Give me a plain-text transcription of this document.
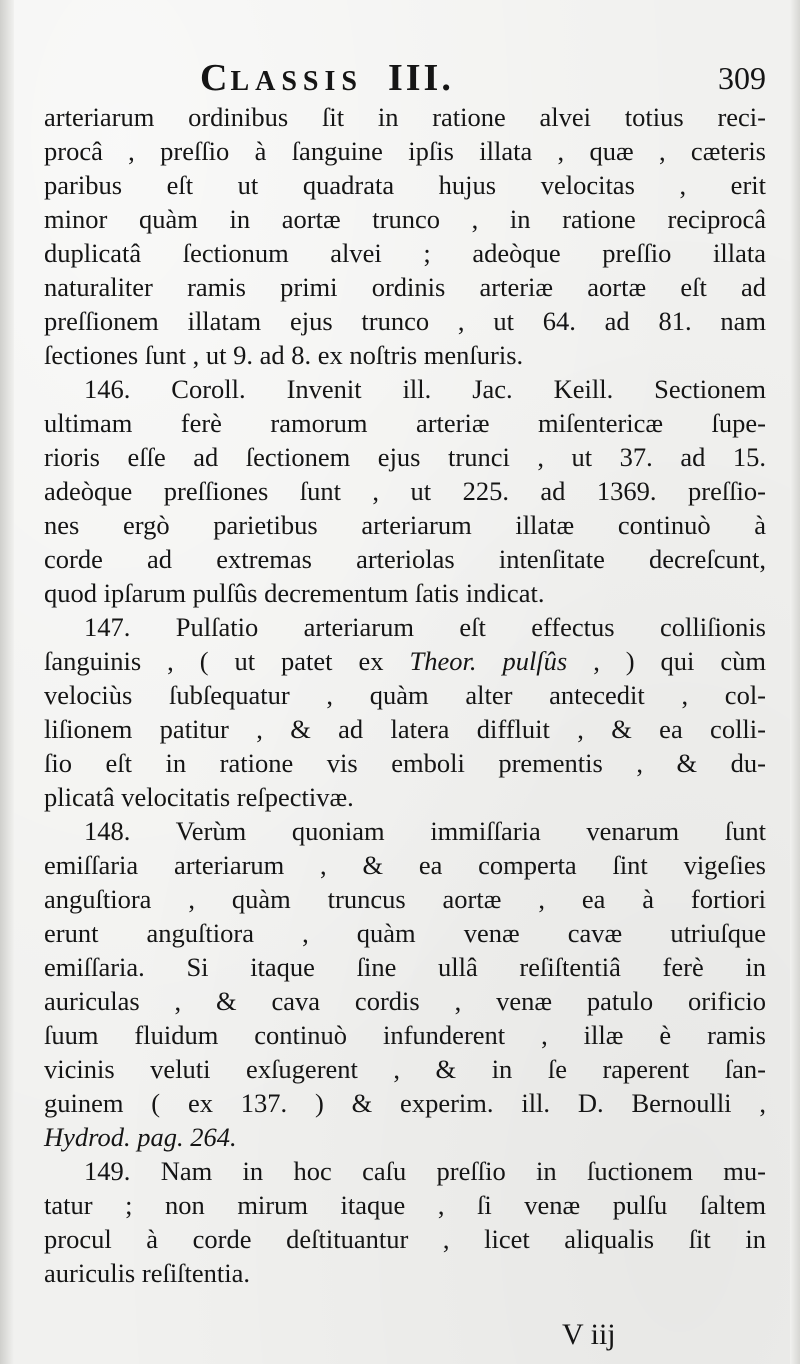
CLASSIS III.	309
arteriarum ordinibus ſit in ratione alvei totius reci-
procâ , preſſio à ſanguine ipſis illata , quæ , cæteris
paribus eſt ut quadrata hujus velocitas , erit
minor quàm in aortæ trunco , in ratione reciprocâ
duplicatâ ſectionum alvei ; adeòque preſſio illata
naturaliter ramis primi ordinis arteriæ aortæ eſt ad
preſſionem illatam ejus trunco , ut 64. ad 81. nam
ſectiones ſunt , ut 9. ad 8. ex noſtris menſuris.
146. Coroll. Invenit ill. Jac. Keill. Sectionem
ultimam ferè ramorum arteriæ miſentericæ ſupe-
rioris eſſe ad ſectionem ejus trunci , ut 37. ad 15.
adeòque preſſiones ſunt , ut 225. ad 1369. preſſio-
nes ergò parietibus arteriarum illatæ continuò à
corde ad extremas arteriolas intenſitate decreſcunt,
quod ipſarum pulſûs decrementum ſatis indicat.
147. Pulſatio arteriarum eſt effectus colliſionis
ſanguinis , ( ut patet ex Theor. pulſûs , ) qui cùm
velociùs ſubſequatur , quàm alter antecedit , col-
liſionem patitur , & ad latera diffluit , & ea colli-
ſio eſt in ratione vis emboli prementis , & du-
plicatâ velocitatis reſpectivæ.
148. Verùm quoniam immiſſaria venarum ſunt
emiſſaria arteriarum , & ea comperta ſint vigeſies
anguſtiora , quàm truncus aortæ , ea à fortiori
erunt anguſtiora , quàm venæ cavæ utriuſque
emiſſaria. Si itaque ſine ullâ reſiſtentiâ ferè in
auriculas , & cava cordis , venæ patulo orificio
ſuum fluidum continuò infunderent , illæ è ramis
vicinis veluti exſugerent , & in ſe raperent ſan-
guinem ( ex 137. ) & experim. ill. D. Bernoulli ,
Hydrod. pag. 264.
149. Nam in hoc caſu preſſio in ſuctionem mu-
tatur ; non mirum itaque , ſi venæ pulſu ſaltem
procul à corde deſtituantur , licet aliqualis ſit in
auriculis reſiſtentia.
V iij
